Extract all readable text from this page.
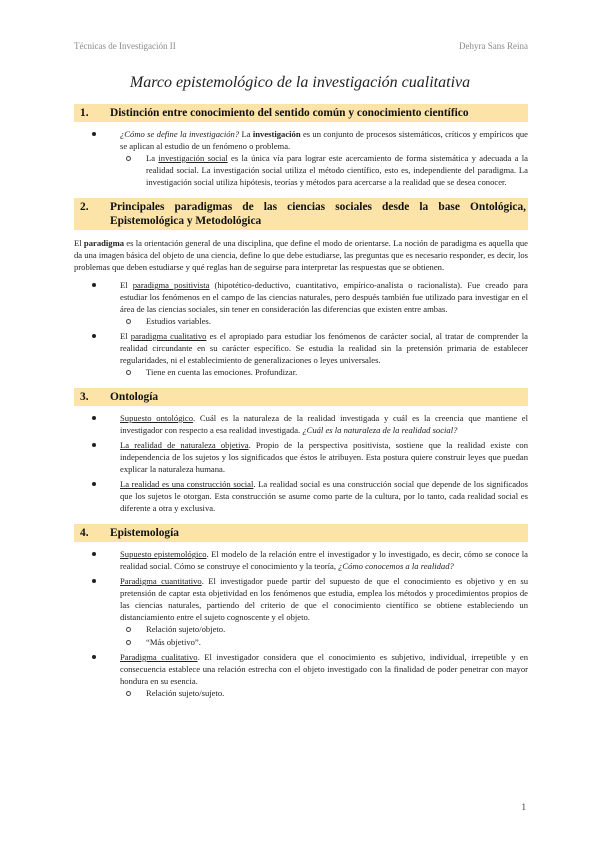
Técnicas de Investigación II	Dehyra Sans Reina
Marco epistemológico de la investigación cualitativa
1.	Distinción entre conocimiento del sentido común y conocimiento científico
¿Cómo se define la investigación? La investigación es un conjunto de procesos sistemáticos, críticos y empíricos que se aplican al estudio de un fenómeno o problema.
La investigación social es la única vía para lograr este acercamiento de forma sistemática y adecuada a la realidad social. La investigación social utiliza el método científico, esto es, independiente del paradigma. La investigación social utiliza hipótesis, teorías y métodos para acercarse a la realidad que se desea conocer.
2.	Principales paradigmas de las ciencias sociales desde la base Ontológica, Epistemológica y Metodológica

El paradigma es la orientación general de una disciplina, que define el modo de orientarse. La noción de paradigma es aquella que da una imagen básica del objeto de una ciencia, define lo que debe estudiarse, las preguntas que es necesario responder, es decir, los problemas que deben estudiarse y qué reglas han de seguirse para interpretar las respuestas que se obtienen.

El paradigma positivista (hipotético-deductivo, cuantitativo, empírico-analista o racionalista). Fue creado para estudiar los fenómenos en el campo de las ciencias naturales, pero después también fue utilizado para investigar en el área de las ciencias sociales, sin tener en consideración las diferencias que existen entre ambas.
Estudios variables.
El paradigma cualitativo es el apropiado para estudiar los fenómenos de carácter social, al tratar de comprender la realidad circundante en su carácter específico. Se estudia la realidad sin la pretensión primaria de establecer regularidades, ni el establecimiento de generalizaciones o leyes universales.
Tiene en cuenta las emociones. Profundizar.
3.	Ontología
Supuesto ontológico. Cuál es la naturaleza de la realidad investigada y cuál es la creencia que mantiene el investigador con respecto a esa realidad investigada. ¿Cuál es la naturaleza de la realidad social?
La realidad de naturaleza objetiva. Propio de la perspectiva positivista, sostiene que la realidad existe con independencia de los sujetos y los significados que éstos le atribuyen. Esta postura quiere construir leyes que puedan explicar la naturaleza humana.
La realidad es una construcción social. La realidad social es una construcción social que depende de los significados que los sujetos le otorgan. Esta construcción se asume como parte de la cultura, por lo tanto, cada realidad social es diferente a otra y exclusiva.
4.	Epistemología
Supuesto epistemológico. El modelo de la relación entre el investigador y lo investigado, es decir, cómo se conoce la realidad social. Cómo se construye el conocimiento y la teoría, ¿Cómo conocemos a la realidad?
Paradigma cuantitativo. El investigador puede partir del supuesto de que el conocimiento es objetivo y en su pretensión de captar esta objetividad en los fenómenos que estudia, emplea los métodos y procedimientos propios de las ciencias naturales, partiendo del criterio de que el conocimiento científico se obtiene estableciendo un distanciamiento entre el sujeto cognoscente y el objeto.
Relación sujeto/objeto.
“Más objetivo”.
Paradigma cualitativo. El investigador considera que el conocimiento es subjetivo, individual, irrepetible y en consecuencia establece una relación estrecha con el objeto investigado con la finalidad de poder penetrar con mayor hondura en su esencia.
Relación sujeto/sujeto.
1
